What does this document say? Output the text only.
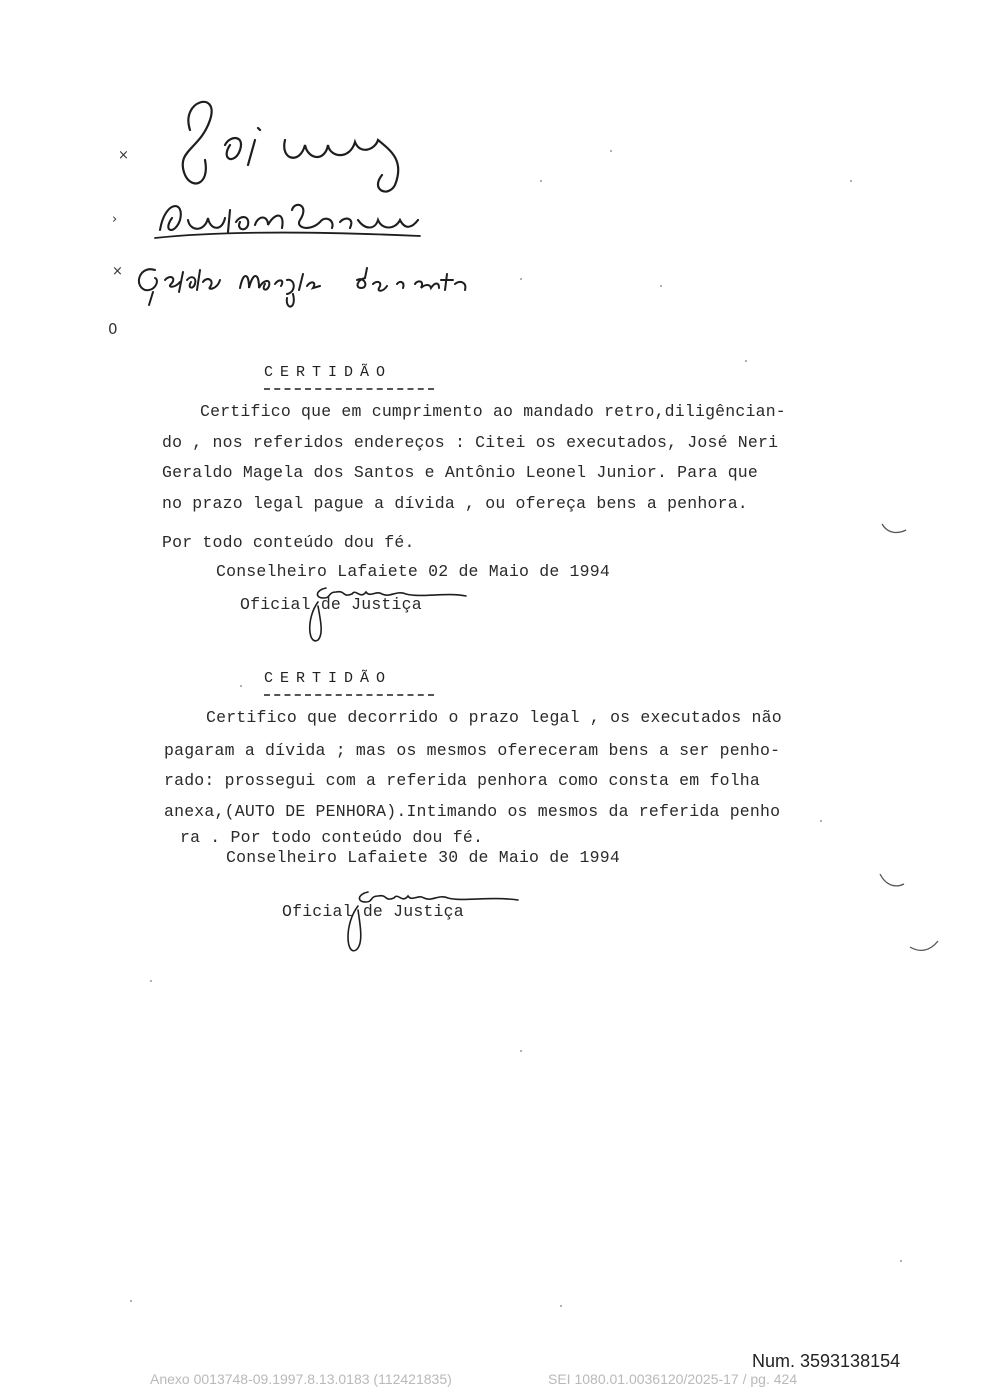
×
›
×
0
CERTIDÃO
Certifico que em cumprimento ao mandado retro,diligêncian-
do , nos referidos endereços : Citei os executados, José Neri
Geraldo Magela dos Santos e Antônio Leonel Junior. Para que
no prazo legal pague a dívida , ou ofereça bens a penhora.
Por todo conteúdo dou fé.
Conselheiro Lafaiete 02 de Maio de 1994
Oficial de Justiça
CERTIDÃO
Certifico que decorrido o prazo legal , os executados não
pagaram a dívida ; mas os mesmos ofereceram bens a ser penho-
rado: prossegui com a referida penhora como consta em folha
anexa,(AUTO DE PENHORA).Intimando os mesmos da referida penho
ra . Por todo conteúdo dou fé.
Conselheiro Lafaiete 30 de Maio de 1994
Oficial de Justiça
Num. 3593138154
Anexo 0013748-09.1997.8.13.0183 (112421835)	SEI 1080.01.0036120/2025-17 / pg. 424
